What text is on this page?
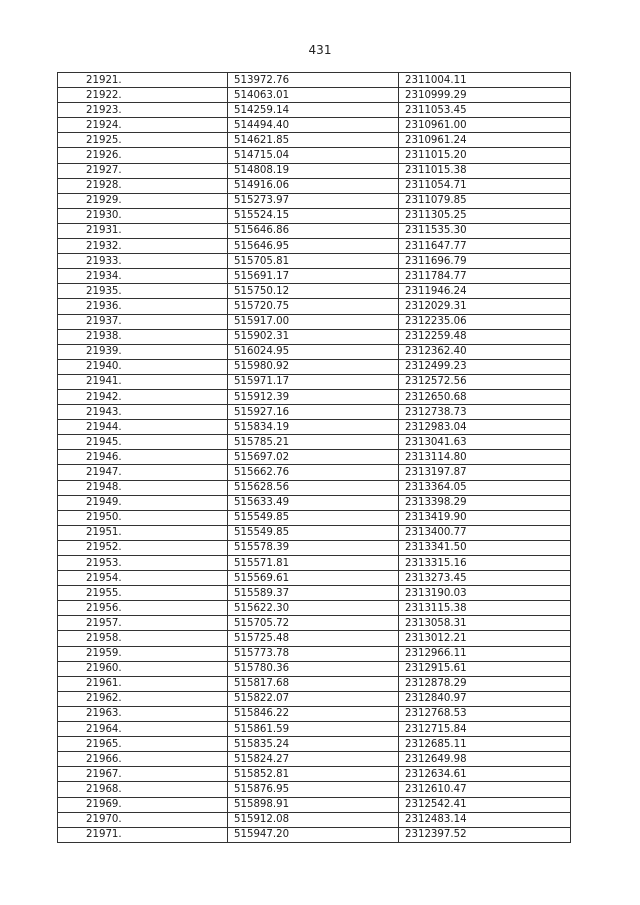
431
21921.	513972.76	2311004.11
21922.	514063.01	2310999.29
21923.	514259.14	2311053.45
21924.	514494.40	2310961.00
21925.	514621.85	2310961.24
21926.	514715.04	2311015.20
21927.	514808.19	2311015.38
21928.	514916.06	2311054.71
21929.	515273.97	2311079.85
21930.	515524.15	2311305.25
21931.	515646.86	2311535.30
21932.	515646.95	2311647.77
21933.	515705.81	2311696.79
21934.	515691.17	2311784.77
21935.	515750.12	2311946.24
21936.	515720.75	2312029.31
21937.	515917.00	2312235.06
21938.	515902.31	2312259.48
21939.	516024.95	2312362.40
21940.	515980.92	2312499.23
21941.	515971.17	2312572.56
21942.	515912.39	2312650.68
21943.	515927.16	2312738.73
21944.	515834.19	2312983.04
21945.	515785.21	2313041.63
21946.	515697.02	2313114.80
21947.	515662.76	2313197.87
21948.	515628.56	2313364.05
21949.	515633.49	2313398.29
21950.	515549.85	2313419.90
21951.	515549.85	2313400.77
21952.	515578.39	2313341.50
21953.	515571.81	2313315.16
21954.	515569.61	2313273.45
21955.	515589.37	2313190.03
21956.	515622.30	2313115.38
21957.	515705.72	2313058.31
21958.	515725.48	2313012.21
21959.	515773.78	2312966.11
21960.	515780.36	2312915.61
21961.	515817.68	2312878.29
21962.	515822.07	2312840.97
21963.	515846.22	2312768.53
21964.	515861.59	2312715.84
21965.	515835.24	2312685.11
21966.	515824.27	2312649.98
21967.	515852.81	2312634.61
21968.	515876.95	2312610.47
21969.	515898.91	2312542.41
21970.	515912.08	2312483.14
21971.	515947.20	2312397.52
